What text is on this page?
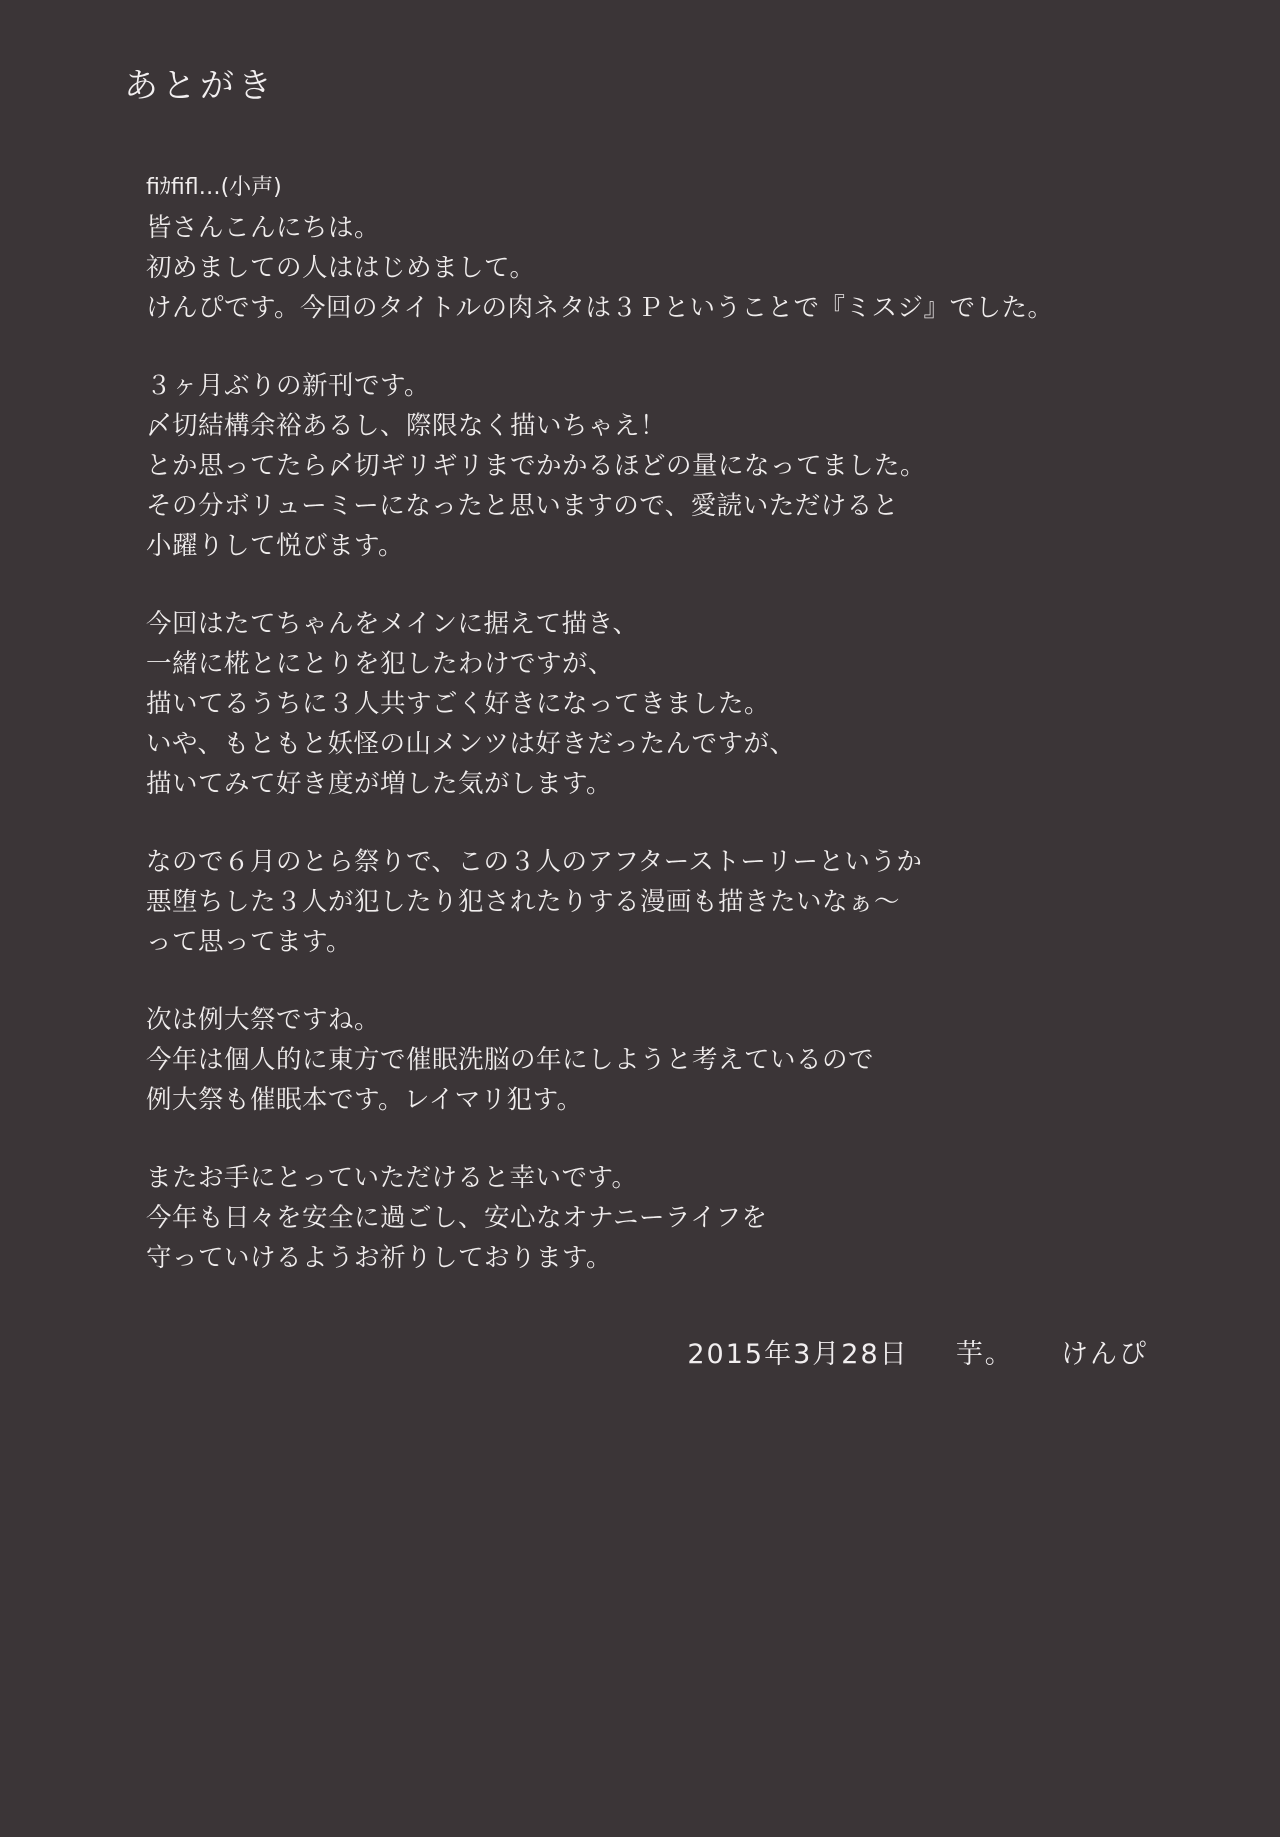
あとがき
ﬁｶﬁﬂ…(小声)
皆さんこんにちは。
初めましての人ははじめまして。
けんぴです。今回のタイトルの肉ネタは３Ｐということで『ミスジ』でした。
３ヶ月ぶりの新刊です。
〆切結構余裕あるし、際限なく描いちゃえ！
とか思ってたら〆切ギリギリまでかかるほどの量になってました。
その分ボリューミーになったと思いますので、愛読いただけると
小躍りして悦びます。
今回はたてちゃんをメインに据えて描き、
一緒に椛とにとりを犯したわけですが、
描いてるうちに３人共すごく好きになってきました。
いや、もともと妖怪の山メンツは好きだったんですが、
描いてみて好き度が増した気がします。
なので６月のとら祭りで、この３人のアフターストーリーというか
悪堕ちした３人が犯したり犯されたりする漫画も描きたいなぁ〜
って思ってます。
次は例大祭ですね。
今年は個人的に東方で催眠洗脳の年にしようと考えているので
例大祭も催眠本です。レイマリ犯す。
またお手にとっていただけると幸いです。
今年も日々を安全に過ごし、安心なオナニーライフを
守っていけるようお祈りしております。
2015年3月28日 芋。 けんぴ
